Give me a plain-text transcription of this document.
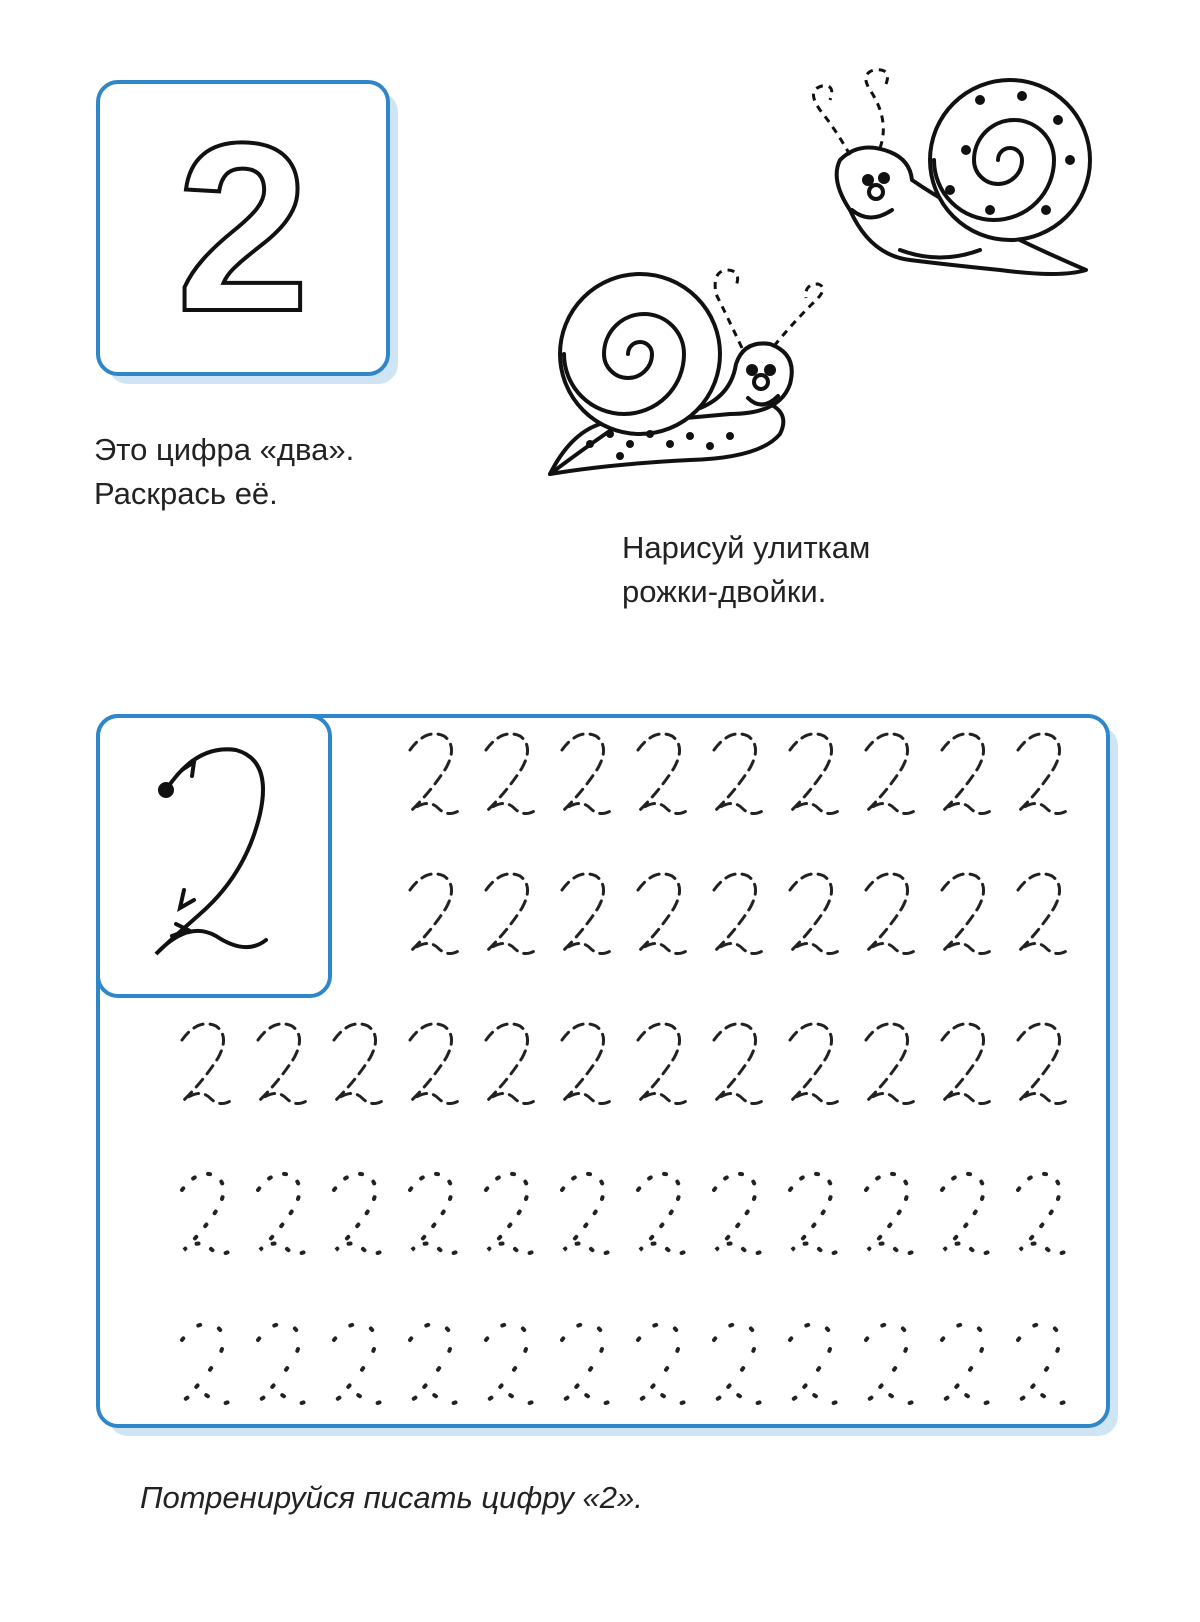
2
Это цифра «два».
Раскрась её.
Нарисуй улиткам
рожки-двойки.
Потренируйся писать цифру «2».
